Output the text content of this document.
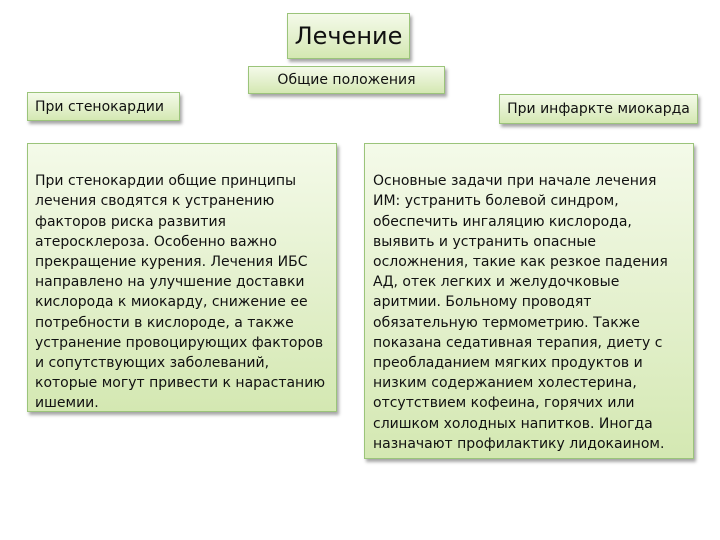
Лечение
Общие положения
При стенокардии	При инфаркте миокарда

При стенокардии общие принципы
лечения сводятся к устранению
факторов риска развития
атеросклероза. Особенно важно
прекращение курения. Лечения ИБС
направлено на улучшение доставки
кислорода к миокарду, снижение ее
потребности в кислороде, а также
устранение провоцирующих факторов
и сопутствующих заболеваний,
которые могут привести к нарастанию
ишемии.

Основные задачи при начале лечения
ИМ: устранить болевой синдром,
обеспечить ингаляцию кислорода,
выявить и устранить опасные
осложнения, такие как резкое падения
АД, отек легких и желудочковые
аритмии. Больному проводят
обязательную термометрию. Также
показана седативная терапия, диету с
преобладанием мягких продуктов и
низким содержанием холестерина,
отсутствием кофеина, горячих или
слишком холодных напитков. Иногда
назначают профилактику лидокаином.
